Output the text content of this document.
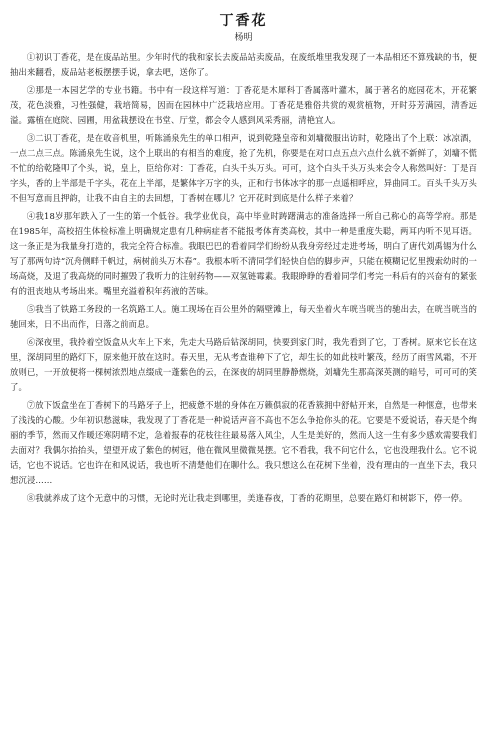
丁香花
杨明

①初识丁香花，是在废品站里。少年时代的我和家长去废品站卖废品，在废纸堆里我发现了一本品相还不算残缺的书，便抽出来翻看，废品站老板摆摆手说，拿去吧，送你了。

②那是一本园艺学的专业书籍。书中有一段这样写道：丁香花是木犀科丁香属落叶灌木，属于著名的庭园花木，开花繁茂，花色淡雅，习性强健，栽培简易，因而在园林中广泛栽培应用。丁香花是雅俗共赏的观赏植物，开时芬芳满园，清香远溢。露植在庭院、园圃，用盆栽摆设在书堂、厅堂，都会令人感到风采秀丽，清艳宜人。

③二识丁香花，是在收音机里，听陈涌泉先生的单口相声，说到乾隆皇帝和刘墉微服出访时，乾隆出了个上联：冰凉酒，一点二点三点。陈涌泉先生说，这个上联出的有相当的难度，抢了先机，你要是在对口点五点六点什么就不新鲜了，刘墉不慌不忙的给乾隆叩了个头，说，皇上，臣给你对：丁香花，白头千头万头。可可，这个白头千头万头来会令人称然叫好：丁是百字头，香的上半部是千字头，花在上半部，是繁体字万字的头，正和行书体冰字的那一点遥相呼应，异曲同工。百头千头万头不但写意而且押韵，让我不由自主的去回想，丁香树在哪儿？它开花时到底是什么样子来着？

④我18岁那年跌入了一生的第一个低谷。我学业优良，高中毕业时踌躇满志的准备选择一所自己称心的高等学府。那是在1985年，高校招生体检标准上明确规定患有几种病症者不能报考体育类高校，其中一种是重度失聪，两耳内听不见耳语。这一条正是为我量身打造的，我完全符合标准。我眼巴巴的看着同学们纷纷从我身旁经过走进考场，明白了唐代刘禹锡为什么写了那两句诗“沉舟侧畔千帆过，病树前头万木春”。我根本听不清同学们轻快自信的脚步声，只能在模糊记忆里搜索幼时的一场高烧，及退了我高烧的同时摧毁了我听力的注射药物——双氢链霉素。我眼睁睁的看着同学们考完一科后有的兴奋有的紧张有的沮丧地从考场出来。嘴里充溢着积年药液的苦味。

⑤我当了铁路工务段的一名筑路工人。施工现场在百公里外的隔壁滩上，每天坐着火车咣当咣当的驰出去，在咣当咣当的驰回来，日不出而作，日落之前而息。

⑥深夜里，我拎着空饭盒从火车上下来，先走大马路后钻深胡同，快要到家门时，我先看到了它，丁香树。原来它长在这里，深胡同里的路灯下，原来他开放在这时。春天里，无从考查谁种下了它，却生长的如此枝叶繁茂，经历了雨雪风霜，不开放则已，一开放便将一棵树浓烈地点缀成一蓬紫色的云，在深夜的胡同里静静燃烧，刘墉先生那高深英测的暗号，可可可的笑了。

⑦放下饭盒坐在丁香树下的马路牙子上，把疲惫不堪的身体在万籁俱寂的花香簇拥中舒帖开来，自然是一种惬意，也带来了浅浅的心酸。少年初识愁滋味，我发现了丁香花是一种说话声音不高也不怎么争抢你头的花。它要是不爱说话，春天是个绚丽的季节，然而又作暖还寒阴晴不定，急着报春的花枝往往最易落入风尘，人生是美好的，然而人这一生有多少感欢需要我们去面对？我偶尔抬抬头，望望开成了紫色的树冠，他在微风里微微晃摆。它不看我，我不问它什么，它也没理我什么。它不说话，它也不说话。它也许在和风说话，我也听不清楚他们在聊什么。我只想这么在花树下坐着，没有理由的一直坐下去，我只想沉浸……

⑧我就养成了这个无意中的习惯，无论时光让我走到哪里，美逢春夜，丁香的花期里，总要在路灯和树影下，停一停。
